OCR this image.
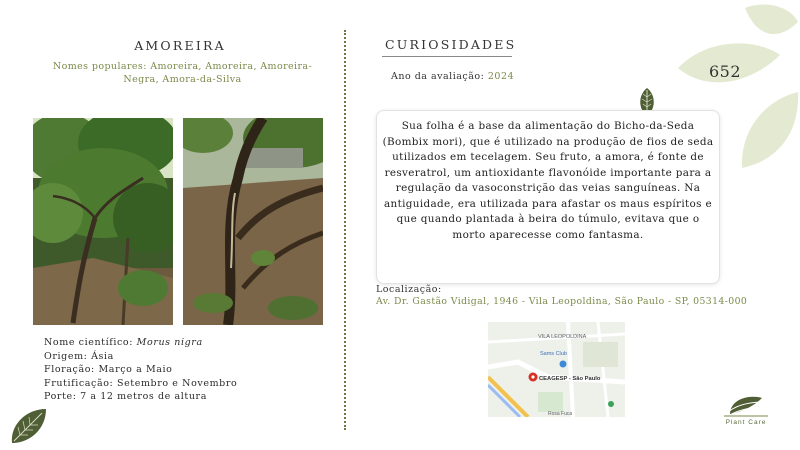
AMOREIRA
Nomes populares: Amoreira, Amoreira, Amoreira-Negra, Amora-da-Silva
Nome científico: Morus nigra
Origem: Ásia
Floração: Março a Maio
Frutificação: Setembro e Novembro
Porte: 7 a 12 metros de altura
CURIOSIDADES
Ano da avaliação: 2024
Sua folha é a base da alimentação do Bicho-da-Seda (Bombix mori), que é utilizado na produção de fios de seda utilizados em tecelagem. Seu fruto, a amora, é fonte de resveratrol, um antioxidante flavonóide importante para a regulação da vasoconstrição das veias sanguíneas. Na antiguidade, era utilizada para afastar os maus espíritos e que quando plantada à beira do túmulo, evitava que o morto aparecesse como fantasma.
Localização:
Av. Dr. Gastão Vidigal, 1946 - Vila Leopoldina, São Paulo - SP, 05314-000
VILA LEOPOLDINA
Sams Club
CEAGESP - São Paulo
Rosa Fuca
652
Plant Care
